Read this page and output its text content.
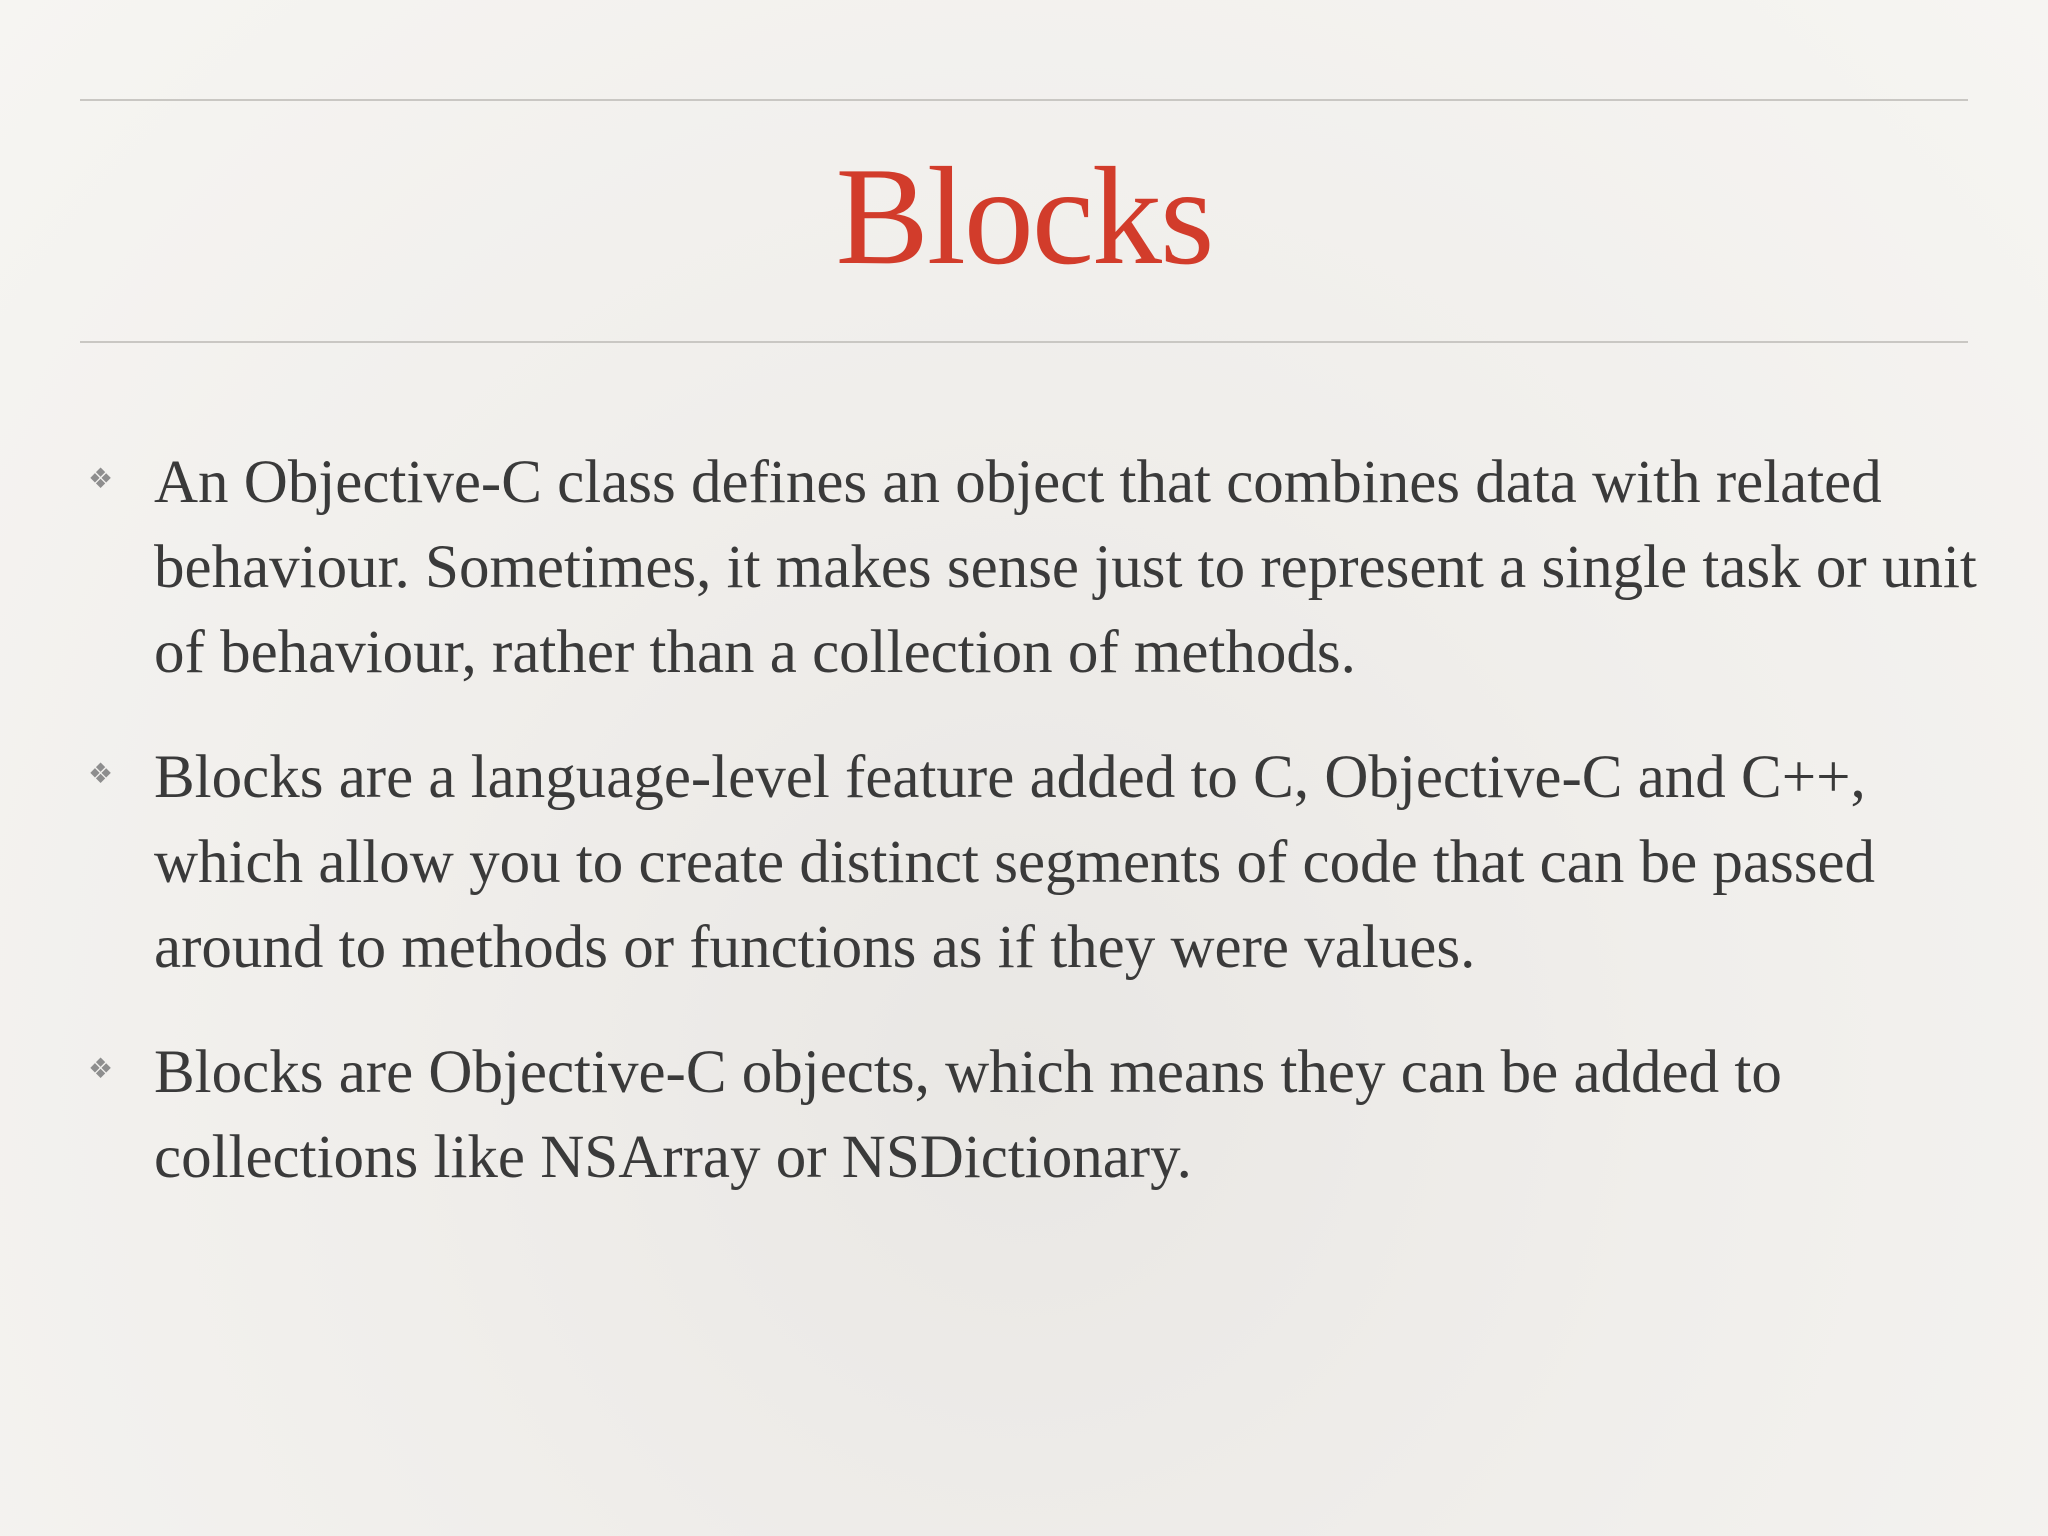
Blocks
❖ An Objective-C class defines an object that combines data with related behaviour. Sometimes, it makes sense just to represent a single task or unit of behaviour, rather than a collection of methods.
❖ Blocks are a language-level feature added to C, Objective-C and C++, which allow you to create distinct segments of code that can be passed around to methods or functions as if they were values.
❖ Blocks are Objective-C objects, which means they can be added to collections like NSArray or NSDictionary.
